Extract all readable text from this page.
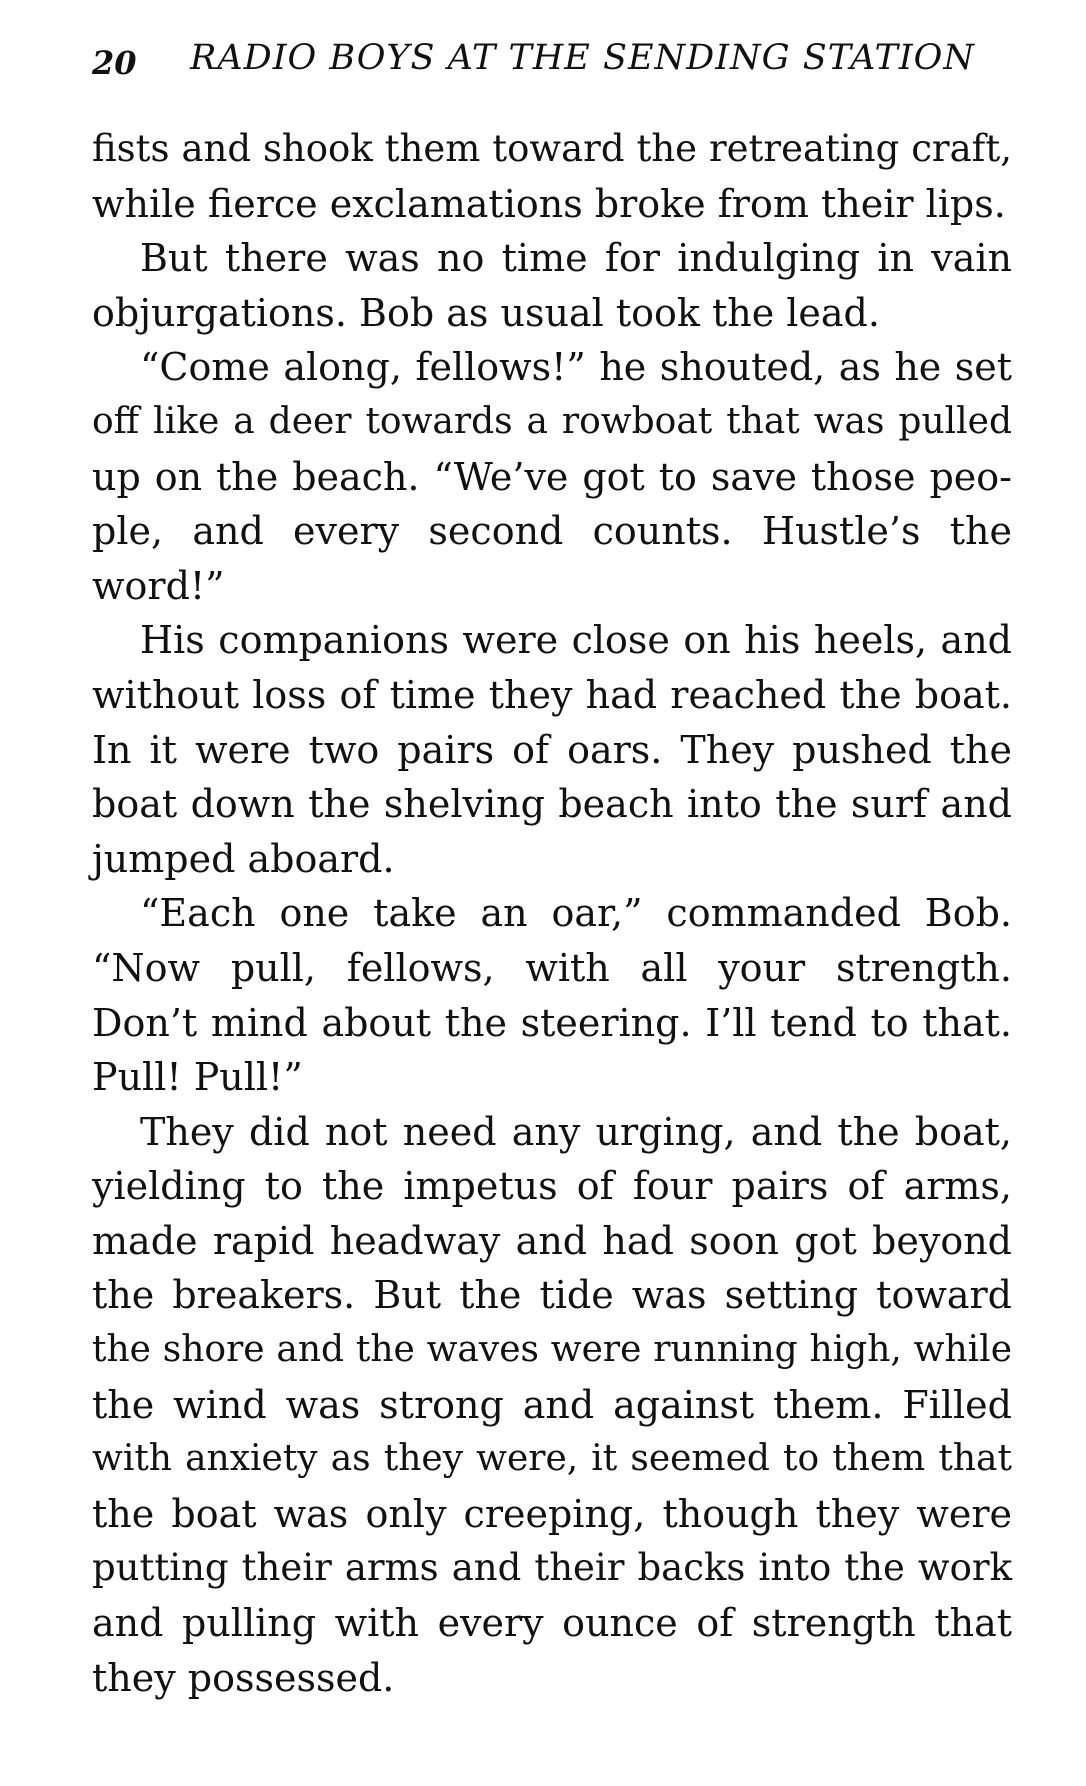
20 RADIO BOYS AT THE SENDING STATION
fists and shook them toward the retreating craft,
while fierce exclamations broke from their lips.
But there was no time for indulging in vain
objurgations. Bob as usual took the lead.
“Come along, fellows!” he shouted, as he set
off like a deer towards a rowboat that was pulled
up on the beach. “We’ve got to save those peo-
ple, and every second counts. Hustle’s the
word!”
His companions were close on his heels, and
without loss of time they had reached the boat.
In it were two pairs of oars. They pushed the
boat down the shelving beach into the surf and
jumped aboard.
“Each one take an oar,” commanded Bob.
“Now pull, fellows, with all your strength.
Don’t mind about the steering. I’ll tend to that.
Pull! Pull!”
They did not need any urging, and the boat,
yielding to the impetus of four pairs of arms,
made rapid headway and had soon got beyond
the breakers. But the tide was setting toward
the shore and the waves were running high, while
the wind was strong and against them. Filled
with anxiety as they were, it seemed to them that
the boat was only creeping, though they were
putting their arms and their backs into the work
and pulling with every ounce of strength that
they possessed.
